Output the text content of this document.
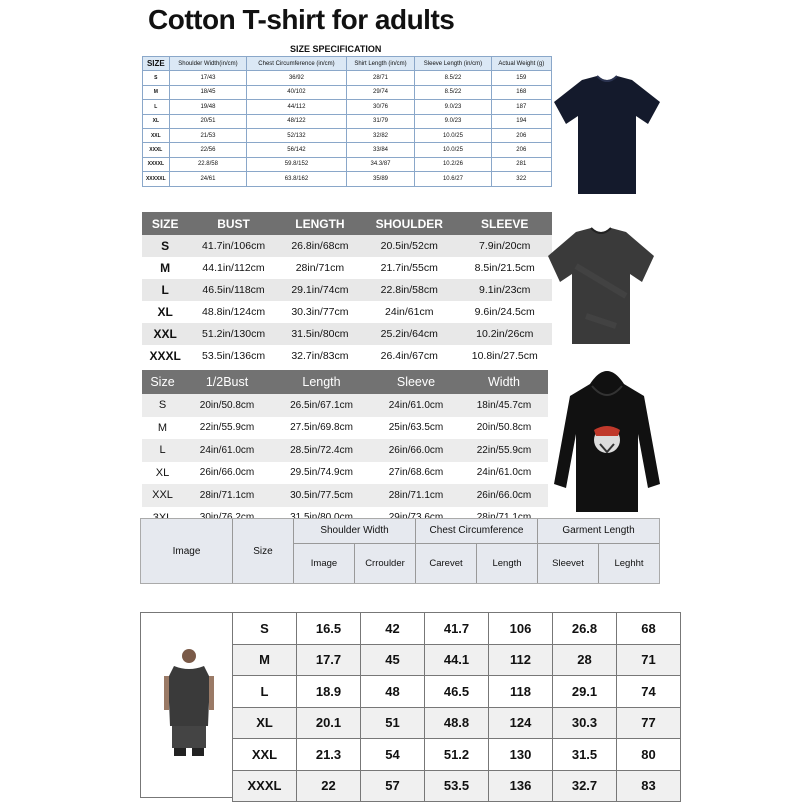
Cotton T-shirt for adults
SIZE SPECIFICATION
SIZE	Shoulder Width(in/cm)	Chest Circumference (in/cm)	Shirt Length (in/cm)	Sleeve Length (in/cm)	Actual Weight (g)
S	17/43	36/92	28/71	8.5/22	159
M	18/45	40/102	29/74	8.5/22	168
L	19/48	44/112	30/76	9.0/23	187
XL	20/51	48/122	31/79	9.0/23	194
XXL	21/53	52/132	32/82	10.0/25	206
XXXL	22/56	56/142	33/84	10.0/25	206
XXXXL	22.8/58	59.8/152	34.3/87	10.2/26	281
XXXXXL	24/61	63.8/162	35/89	10.6/27	322
SIZE	BUST	LENGTH	SHOULDER	SLEEVE
S	41.7in/106cm	26.8in/68cm	20.5in/52cm	7.9in/20cm
M	44.1in/112cm	28in/71cm	21.7in/55cm	8.5in/21.5cm
L	46.5in/118cm	29.1in/74cm	22.8in/58cm	9.1in/23cm
XL	48.8in/124cm	30.3in/77cm	24in/61cm	9.6in/24.5cm
XXL	51.2in/130cm	31.5in/80cm	25.2in/64cm	10.2in/26cm
XXXL	53.5in/136cm	32.7in/83cm	26.4in/67cm	10.8in/27.5cm
Size	1/2Bust	Length	Sleeve	Width
S	20in/50.8cm	26.5in/67.1cm	24in/61.0cm	18in/45.7cm
M	22in/55.9cm	27.5in/69.8cm	25in/63.5cm	20in/50.8cm
L	24in/61.0cm	28.5in/72.4cm	26in/66.0cm	22in/55.9cm
XL	26in/66.0cm	29.5in/74.9cm	27in/68.6cm	24in/61.0cm
XXL	28in/71.1cm	30.5in/77.5cm	28in/71.1cm	26in/66.0cm

Image	Size
Shoulder Width	Chest Circumference	Garment Length
Image	Crroulder	Carevet	Length	Sleevet	Leghht
S	16.5	42	41.7	106	26.8	68
M	17.7	45	44.1	112	28	71
L	18.9	48	46.5	118	29.1	74
XL	20.1	51	48.8	124	30.3	77
XXL	21.3	54	51.2	130	31.5	80
XXXL	22	57	53.5	136	32.7	83
